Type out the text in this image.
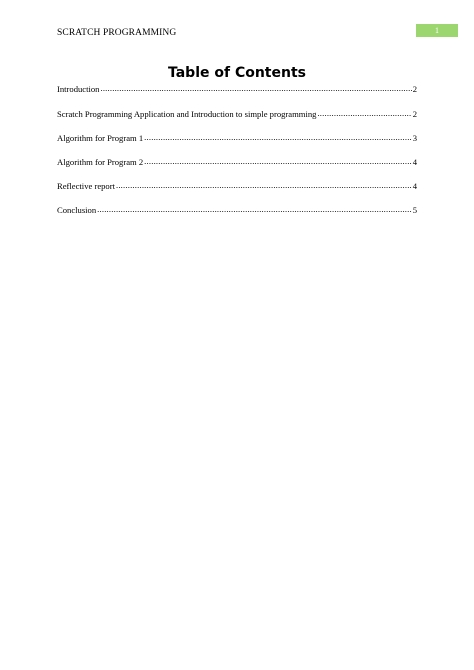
SCRATCH PROGRAMMING	1
Table of Contents
Introduction .....	2
Scratch Programming Application and Introduction to simple programming .....	2
Algorithm for Program 1 .....	3
Algorithm for Program 2 .....	4
Reflective report .....	4
Conclusion .....	5
